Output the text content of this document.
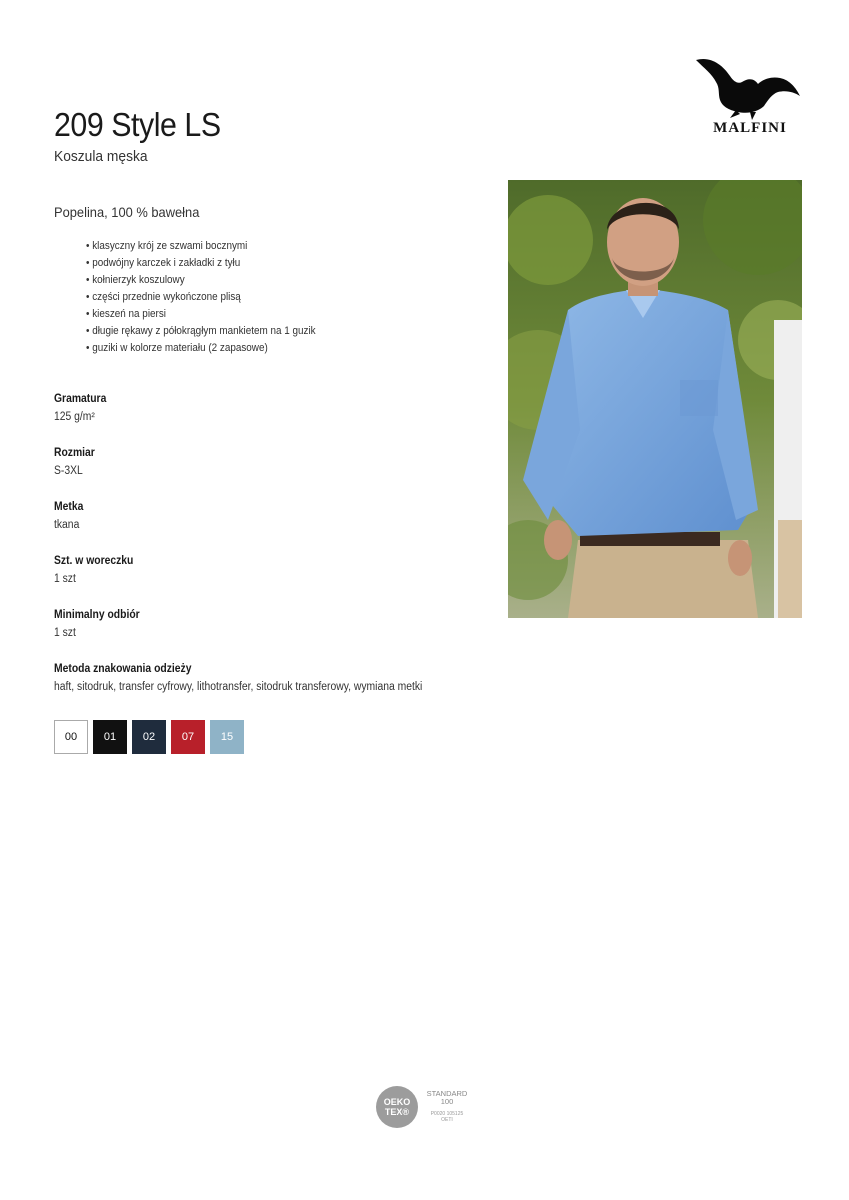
MALFINI
209 Style LS
Koszula męska
Popelina, 100 % bawełna
• klasyczny krój ze szwami bocznymi
• podwójny karczek i zakładki z tyłu
• kołnierzyk koszulowy
• części przednie wykończone plisą
• kieszeń na piersi
• długie rękawy z półokrągłym mankietem na 1 guzik
• guziki w kolorze materiału (2 zapasowe)
Gramatura
125 g/m²
Rozmiar
S-3XL
Metka
tkana
Szt. w woreczku
1 szt
Minimalny odbiór
1 szt
Metoda znakowania odzieży
haft, sitodruk, transfer cyfrowy, lithotransfer, sitodruk transferowy, wymiana metki
00 01 02 07 15
OEKO
TEX®
STANDARD
100
P0020 105125
OETI
